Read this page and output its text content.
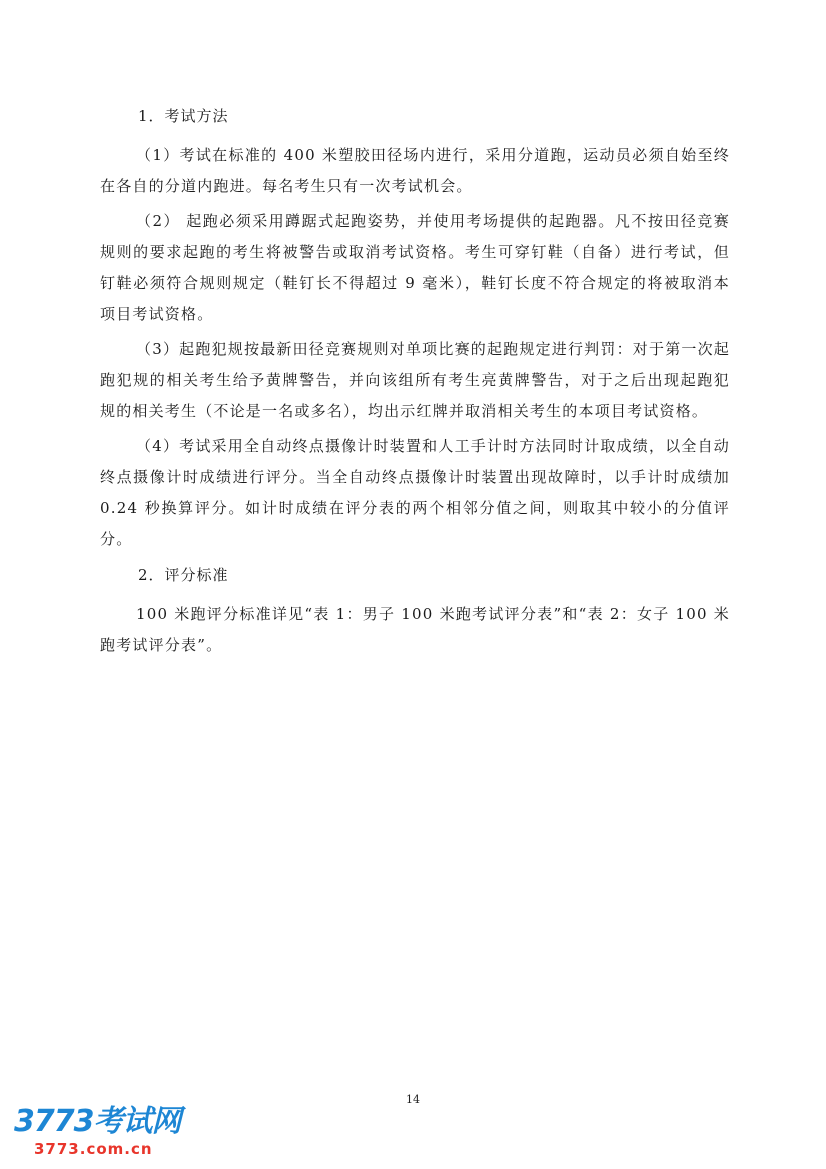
1．考试方法

（1）考试在标准的 400 米塑胶田径场内进行，采用分道跑，运动员必须自始至终在各自的分道内跑进。每名考生只有一次考试机会。

（2） 起跑必须采用蹲踞式起跑姿势，并使用考场提供的起跑器。凡不按田径竞赛规则的要求起跑的考生将被警告或取消考试资格。考生可穿钉鞋（自备）进行考试，但钉鞋必须符合规则规定（鞋钉长不得超过 9 毫米），鞋钉长度不符合规定的将被取消本项目考试资格。

（3）起跑犯规按最新田径竞赛规则对单项比赛的起跑规定进行判罚：对于第一次起跑犯规的相关考生给予黄牌警告，并向该组所有考生亮黄牌警告，对于之后出现起跑犯规的相关考生（不论是一名或多名），均出示红牌并取消相关考生的本项目考试资格。

（4）考试采用全自动终点摄像计时装置和人工手计时方法同时计取成绩，以全自动终点摄像计时成绩进行评分。当全自动终点摄像计时装置出现故障时，以手计时成绩加 0.24 秒换算评分。如计时成绩在评分表的两个相邻分值之间，则取其中较小的分值评分。

2．评分标准

100 米跑评分标准详见“表 1：男子 100 米跑考试评分表”和“表 2：女子 100 米跑考试评分表”。

14
3773考试网
3773.com.cn
